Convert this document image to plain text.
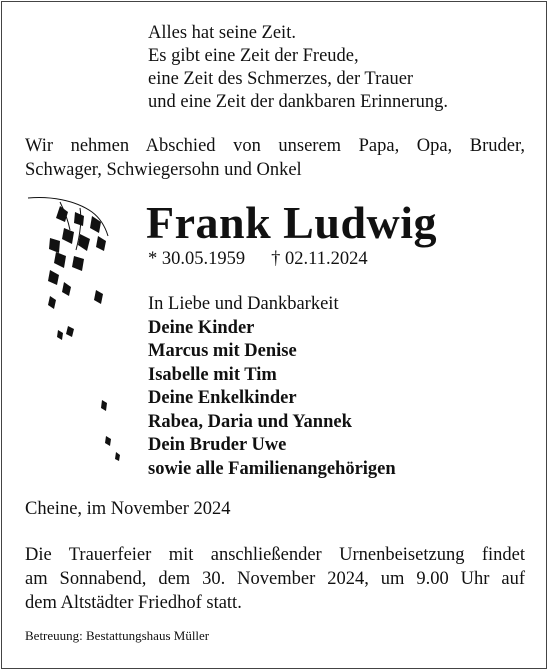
Alles hat seine Zeit.
Es gibt eine Zeit der Freude,
eine Zeit des Schmerzes, der Trauer
und eine Zeit der dankbaren Erinnerung.
Wir nehmen Abschied von unserem Papa, Opa, Bruder,
Schwager, Schwiegersohn und Onkel
Frank Ludwig
* 30.05.1959 † 02.11.2024
In Liebe und Dankbarkeit
Deine Kinder
Marcus mit Denise
Isabelle mit Tim
Deine Enkelkinder
Rabea, Daria und Yannek
Dein Bruder Uwe
sowie alle Familienangehörigen
Cheine, im November 2024
Die Trauerfeier mit anschließender Urnenbeisetzung findet
am Sonnabend, dem 30. November 2024, um 9.00 Uhr auf
dem Altstädter Friedhof statt.
Betreuung: Bestattungshaus Müller
